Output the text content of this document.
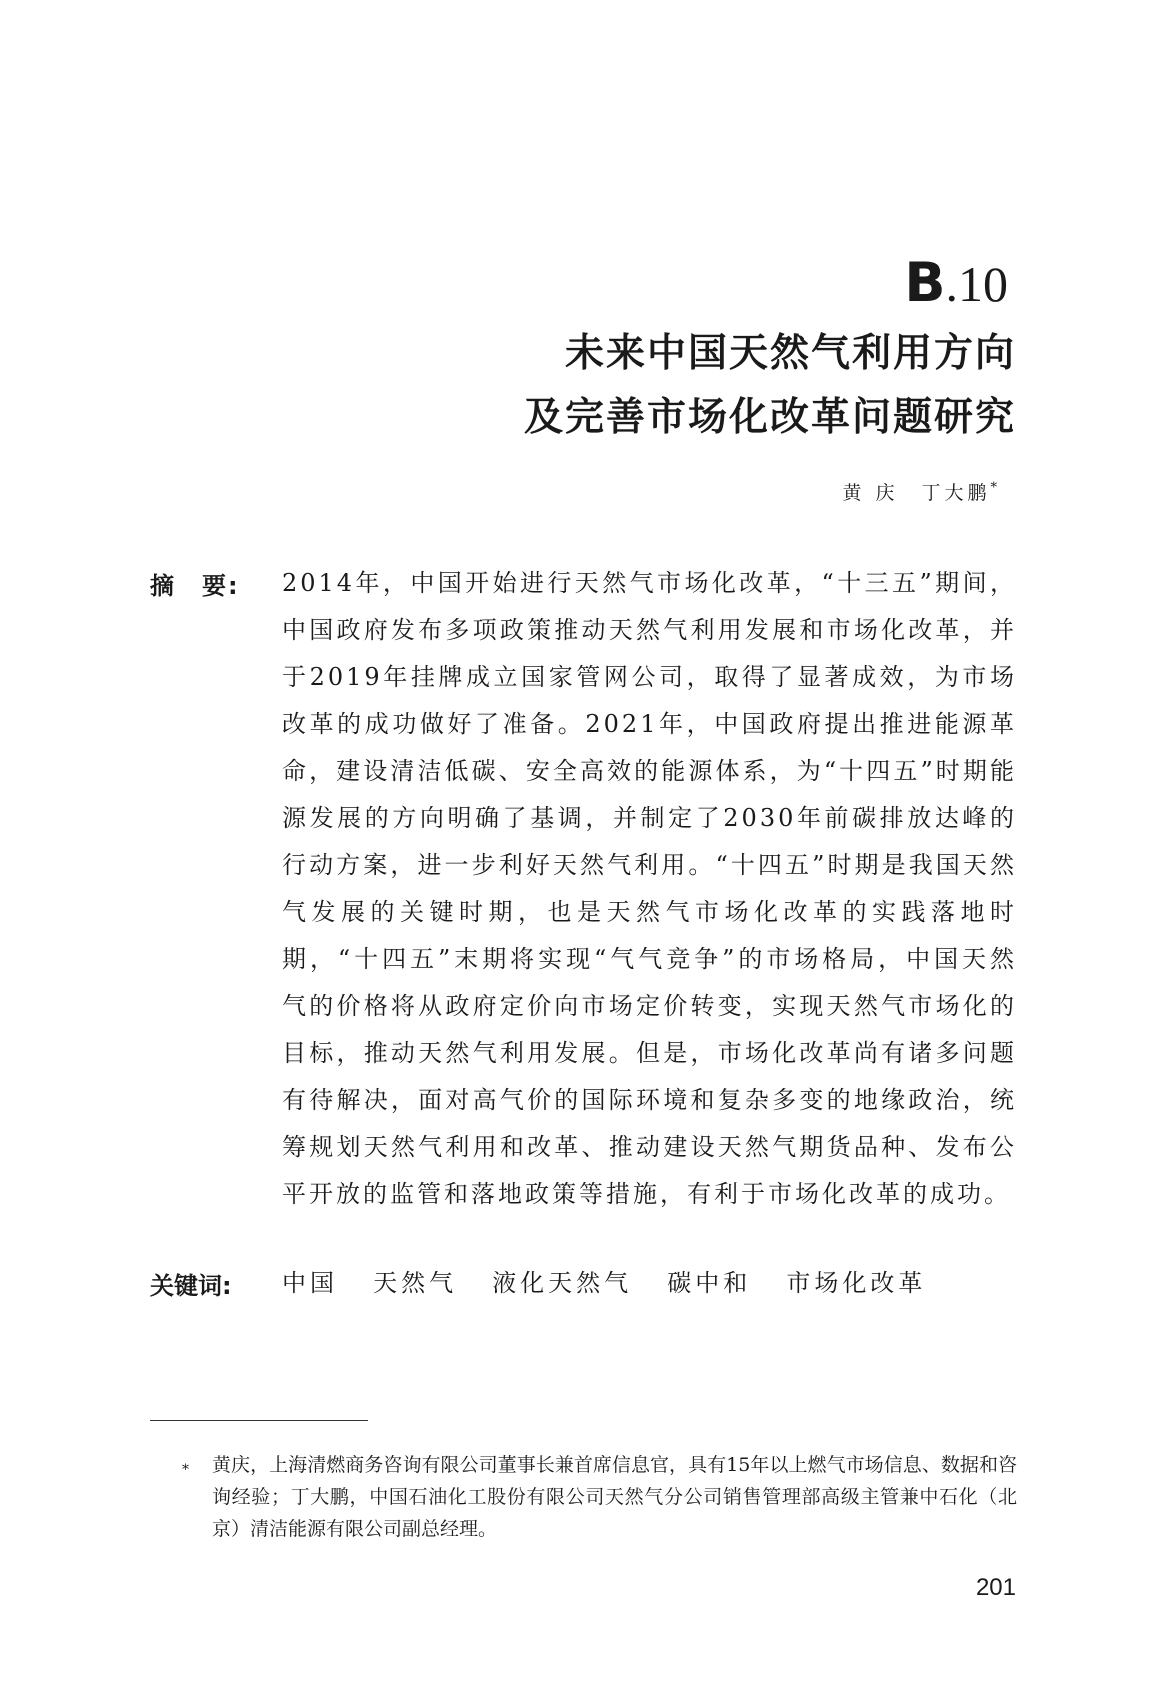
B.10
未来中国天然气利用方向
及完善市场化改革问题研究
黄 庆　丁大鹏*
摘　要: 2014年，中国开始进行天然气市场化改革，“十三五”期间，中国政府发布多项政策推动天然气利用发展和市场化改革，并于2019年挂牌成立国家管网公司，取得了显著成效，为市场改革的成功做好了准备。2021年，中国政府提出推进能源革命，建设清洁低碳、安全高效的能源体系，为“十四五”时期能源发展的方向明确了基调，并制定了2030年前碳排放达峰的行动方案，进一步利好天然气利用。“十四五”时期是我国天然气发展的关键时期，也是天然气市场化改革的实践落地时期，“十四五”末期将实现“气气竞争”的市场格局，中国天然气的价格将从政府定价向市场定价转变，实现天然气市场化的目标，推动天然气利用发展。但是，市场化改革尚有诸多问题有待解决，面对高气价的国际环境和复杂多变的地缘政治，统筹规划天然气利用和改革、推动建设天然气期货品种、发布公平开放的监管和落地政策等措施，有利于市场化改革的成功。
关键词: 中国 天然气 液化天然气 碳中和 市场化改革
* 黄庆，上海清燃商务咨询有限公司董事长兼首席信息官，具有15年以上燃气市场信息、数据和咨询经验；丁大鹏，中国石油化工股份有限公司天然气分公司销售管理部高级主管兼中石化（北京）清洁能源有限公司副总经理。
201
